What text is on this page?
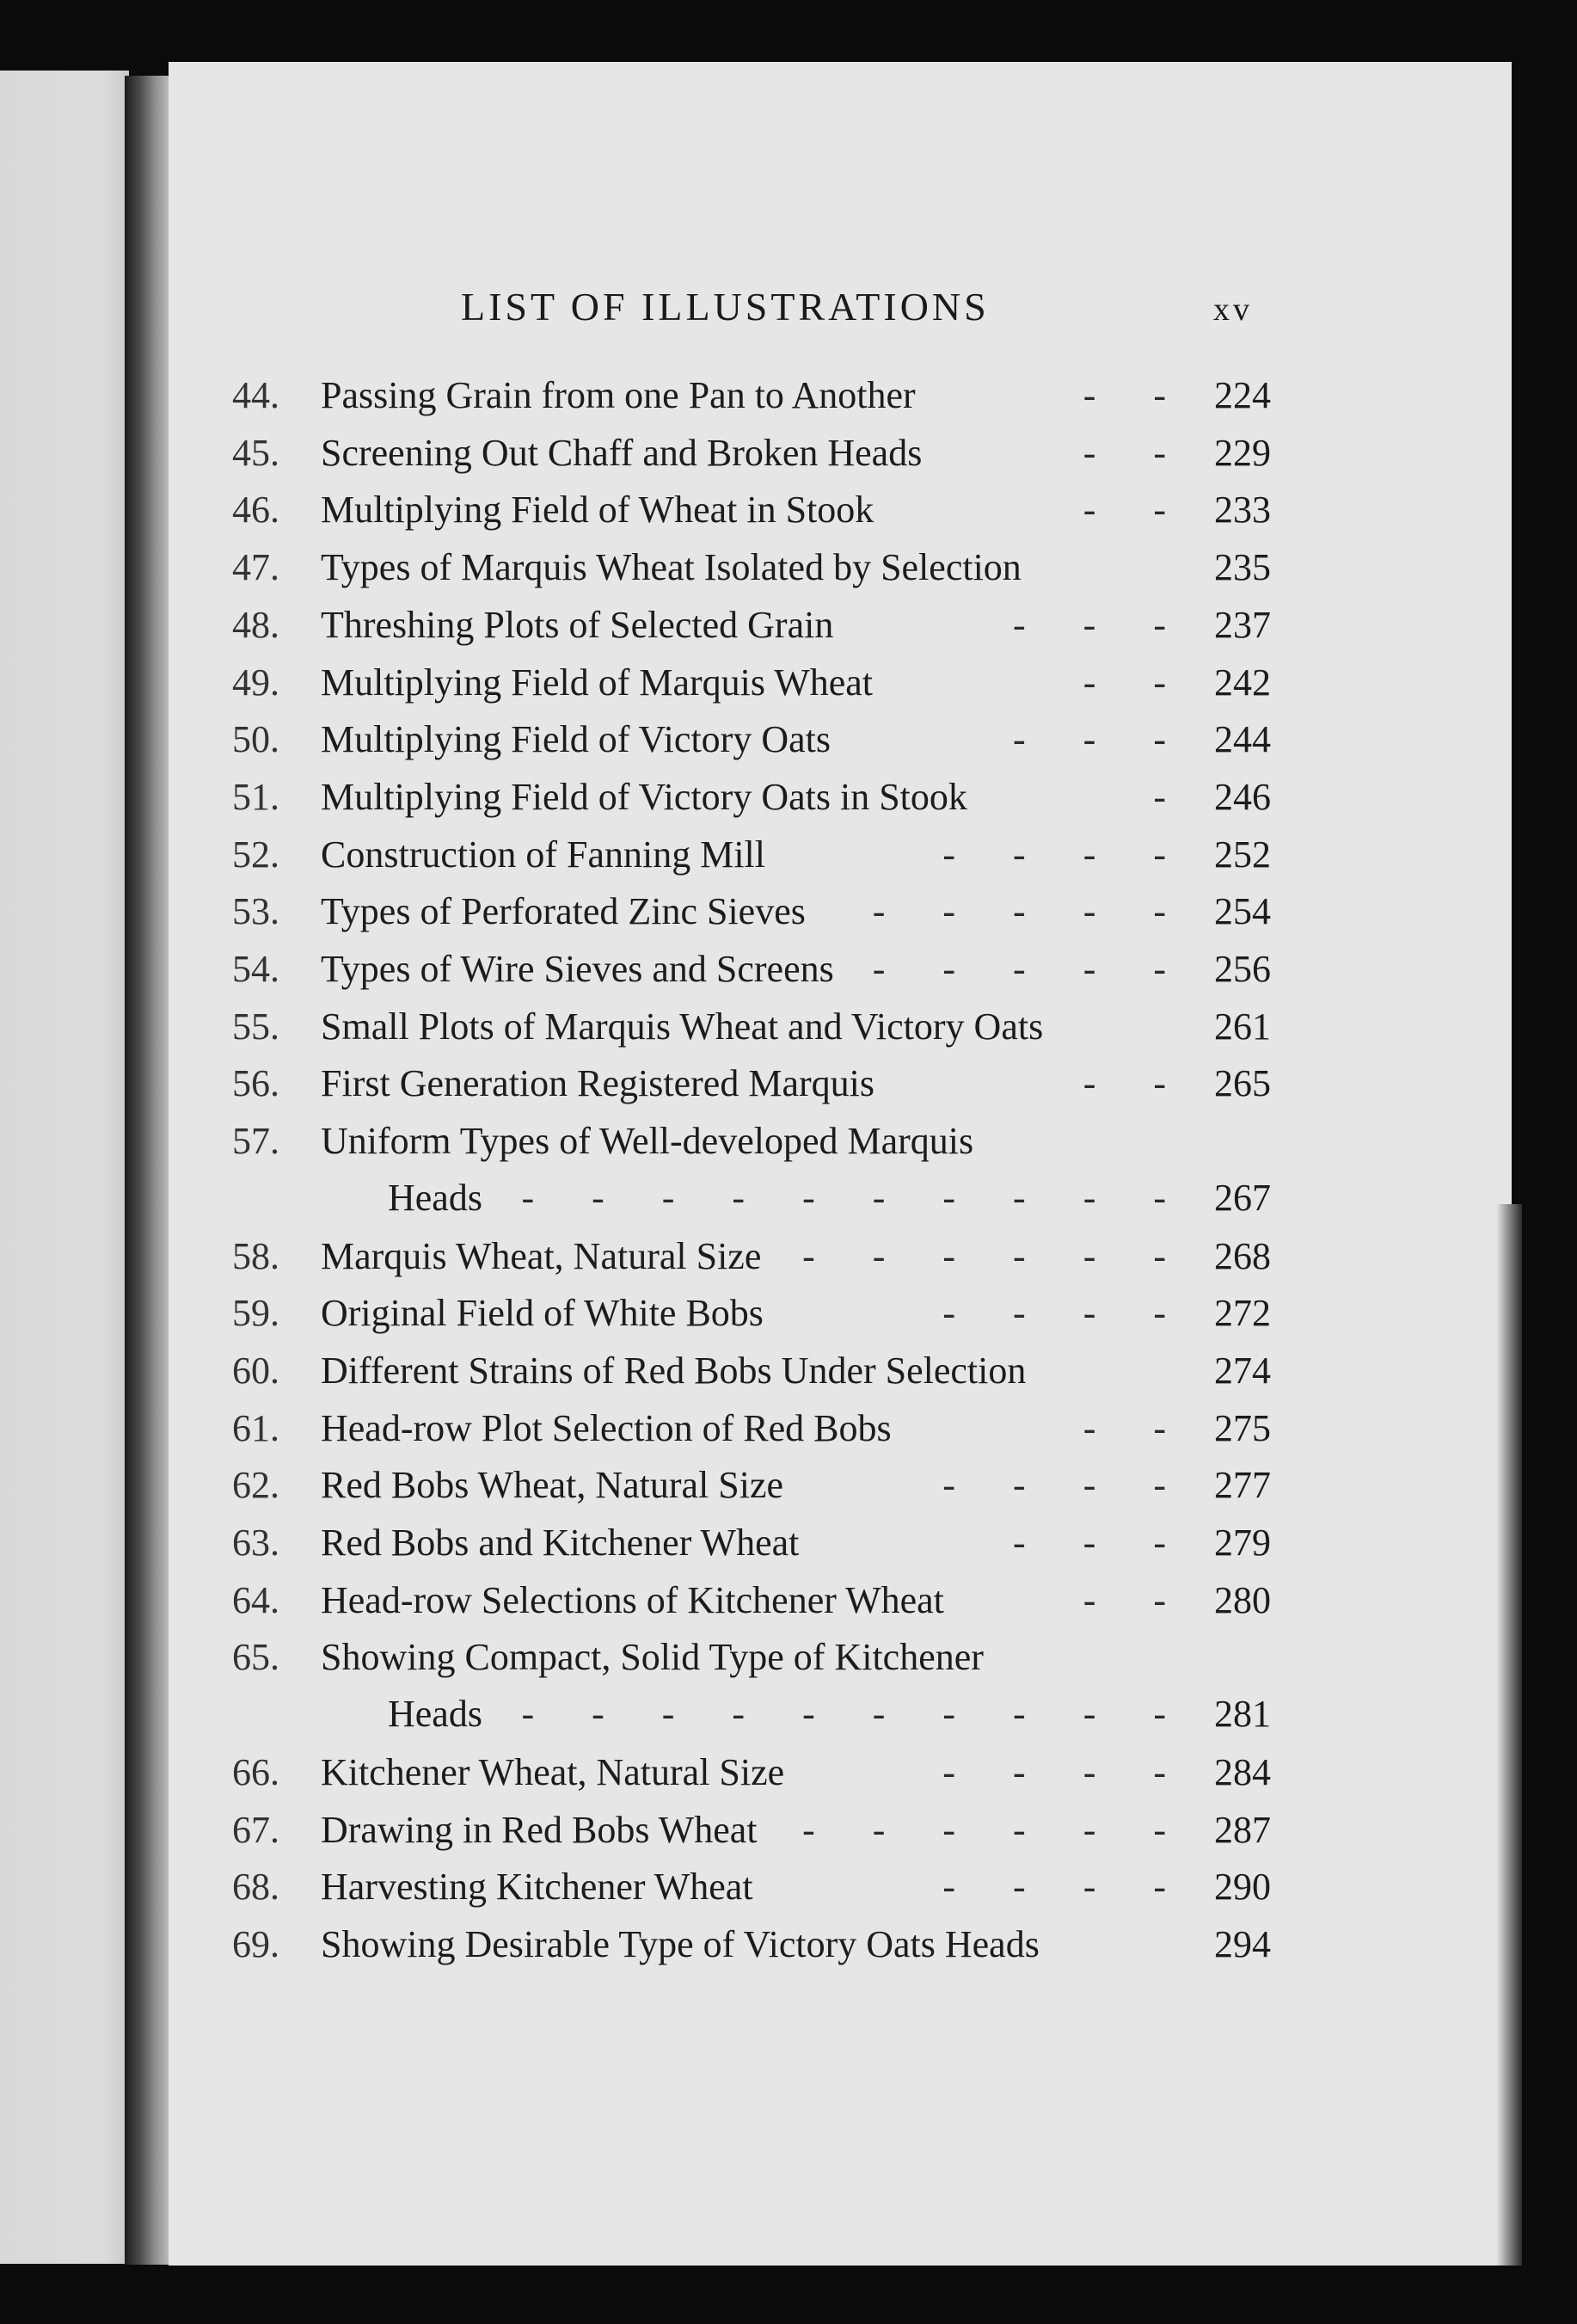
LIST OF ILLUSTRATIONS	xv
44. Passing Grain from one Pan to Another	- - 224
45. Screening Out Chaff and Broken Heads	- - 229
46. Multiplying Field of Wheat in Stook	- - 233
47. Types of Marquis Wheat Isolated by Selection	235
48. Threshing Plots of Selected Grain	- - - 237
49. Multiplying Field of Marquis Wheat	- - 242
50. Multiplying Field of Victory Oats	- - - 244
51. Multiplying Field of Victory Oats in Stook	- 246
52. Construction of Fanning Mill	- - - - 252
53. Types of Perforated Zinc Sieves - - - - - 254
54. Types of Wire Sieves and Screens - - - - - 256
55. Small Plots of Marquis Wheat and Victory Oats	261
56. First Generation Registered Marquis	- - 265
57. Uniform Types of Well-developed Marquis
Heads - - - - - - - - - - 267
58. Marquis Wheat, Natural Size - - - - - - 268
59. Original Field of White Bobs	- - - - 272
60. Different Strains of Red Bobs Under Selection	274
61. Head-row Plot Selection of Red Bobs	- - 275
62. Red Bobs Wheat, Natural Size	- - - - 277
63. Red Bobs and Kitchener Wheat	- - - 279
64. Head-row Selections of Kitchener Wheat	- - 280
65. Showing Compact, Solid Type of Kitchener
Heads - - - - - - - - - - 281
66. Kitchener Wheat, Natural Size	- - - - 284
67. Drawing in Red Bobs Wheat - - - - - - 287
68. Harvesting Kitchener Wheat	- - - - 290
69. Showing Desirable Type of Victory Oats Heads	294
